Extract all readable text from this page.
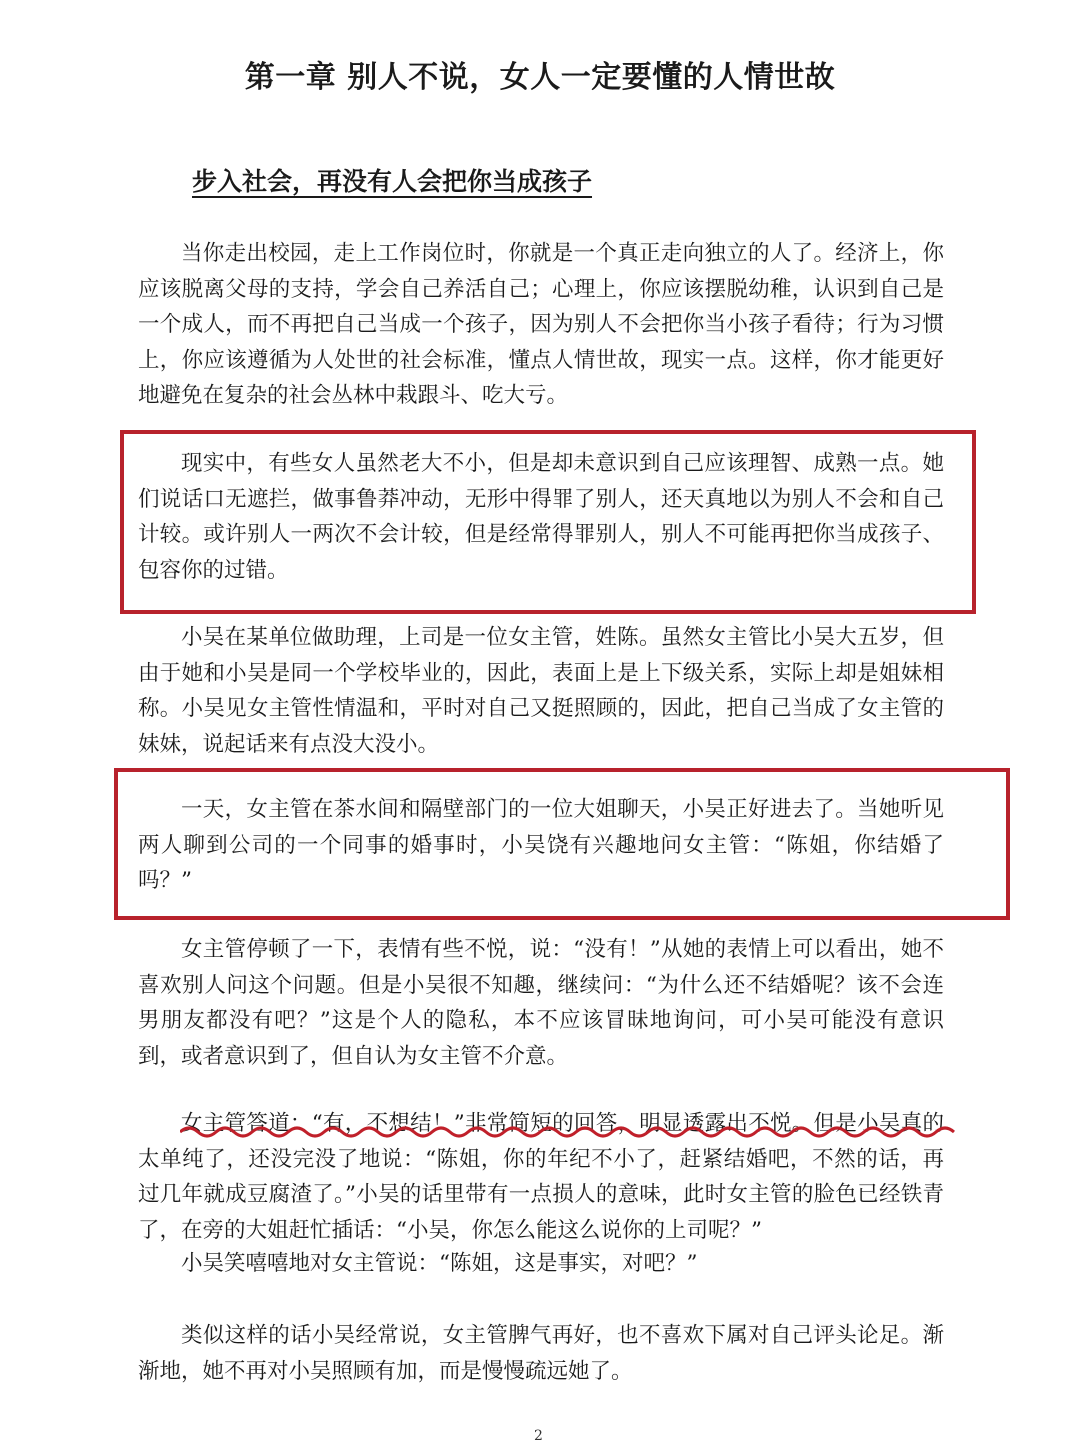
第一章 别人不说，女人一定要懂的人情世故
步入社会，再没有人会把你当成孩子

当你走出校园，走上工作岗位时，你就是一个真正走向独立的人了。经济上，你应该脱离父母的支持，学会自己养活自己；心理上，你应该摆脱幼稚，认识到自己是一个成人，而不再把自己当成一个孩子，因为别人不会把你当小孩子看待；行为习惯上，你应该遵循为人处世的社会标准，懂点人情世故，现实一点。这样，你才能更好地避免在复杂的社会丛林中栽跟斗、吃大亏。

现实中，有些女人虽然老大不小，但是却未意识到自己应该理智、成熟一点。她们说话口无遮拦，做事鲁莽冲动，无形中得罪了别人，还天真地以为别人不会和自己计较。或许别人一两次不会计较，但是经常得罪别人，别人不可能再把你当成孩子、包容你的过错。

小吴在某单位做助理，上司是一位女主管，姓陈。虽然女主管比小吴大五岁，但由于她和小吴是同一个学校毕业的，因此，表面上是上下级关系，实际上却是姐妹相称。小吴见女主管性情温和，平时对自己又挺照顾的，因此，把自己当成了女主管的妹妹，说起话来有点没大没小。

一天，女主管在茶水间和隔壁部门的一位大姐聊天，小吴正好进去了。当她听见两人聊到公司的一个同事的婚事时，小吴饶有兴趣地问女主管：“陈姐，你结婚了吗？”

女主管停顿了一下，表情有些不悦，说：“没有！”从她的表情上可以看出，她不喜欢别人问这个问题。但是小吴很不知趣，继续问：“为什么还不结婚呢？该不会连男朋友都没有吧？”这是个人的隐私，本不应该冒昧地询问，可小吴可能没有意识到，或者意识到了，但自认为女主管不介意。

女主管答道：“有，不想结！”非常简短的回答，明显透露出不悦。但是小吴真的太单纯了，还没完没了地说：“陈姐，你的年纪不小了，赶紧结婚吧，不然的话，再过几年就成豆腐渣了。”小吴的话里带有一点损人的意味，此时女主管的脸色已经铁青了，在旁的大姐赶忙插话：“小吴，你怎么能这么说你的上司呢？”

小吴笑嘻嘻地对女主管说：“陈姐，这是事实，对吧？”

类似这样的话小吴经常说，女主管脾气再好，也不喜欢下属对自己评头论足。渐渐地，她不再对小吴照顾有加，而是慢慢疏远她了。

2
